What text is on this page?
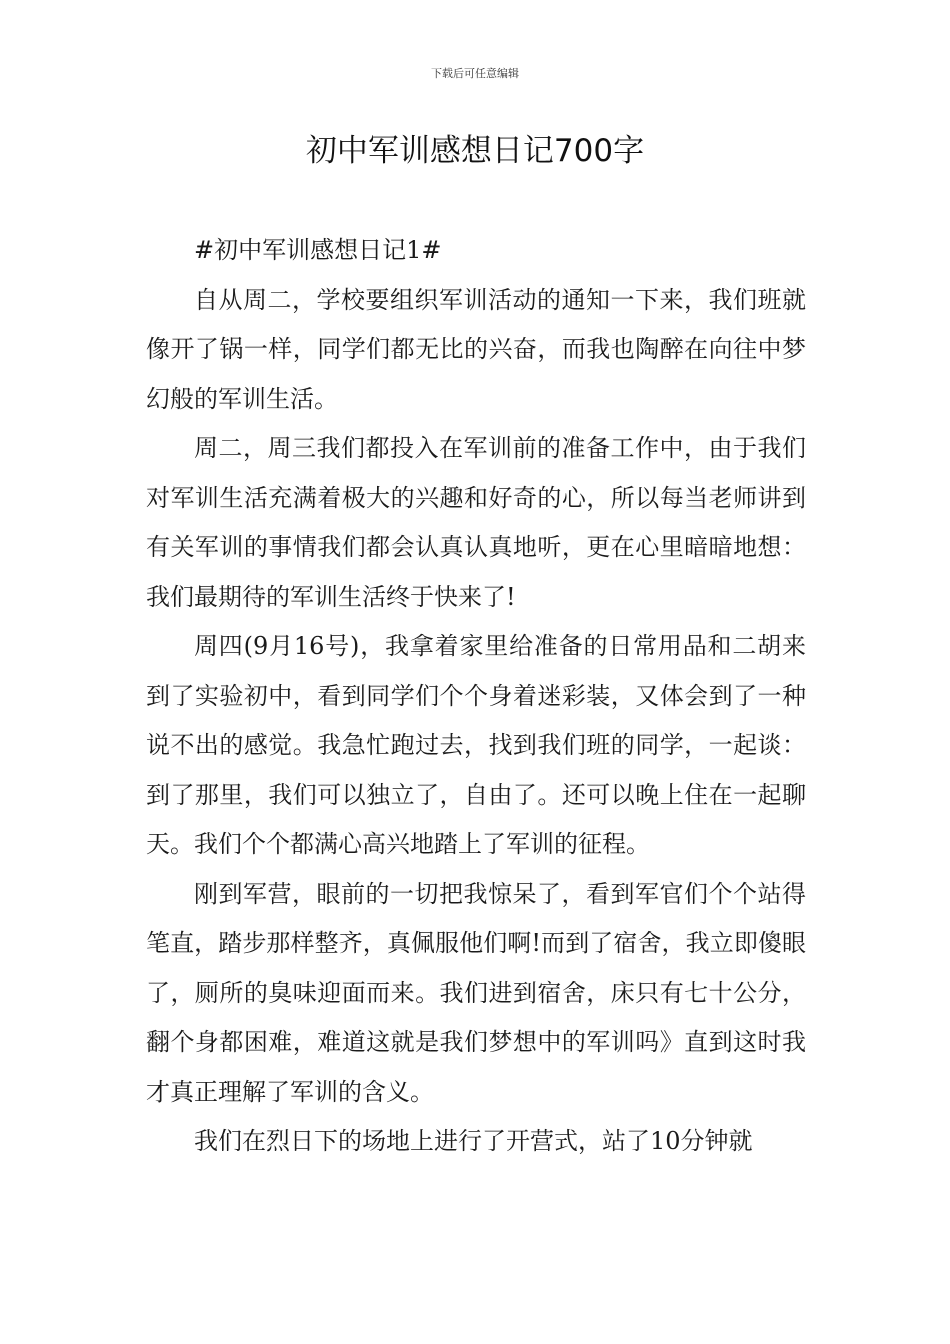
下载后可任意编辑
初中军训感想日记700字

#初中军训感想日记1#

自从周二，学校要组织军训活动的通知一下来，我们班就像开了锅一样，同学们都无比的兴奋，而我也陶醉在向往中梦幻般的军训生活。

周二，周三我们都投入在军训前的准备工作中，由于我们对军训生活充满着极大的兴趣和好奇的心，所以每当老师讲到有关军训的事情我们都会认真认真地听，更在心里暗暗地想：我们最期待的军训生活终于快来了!

周四(9月16号)，我拿着家里给准备的日常用品和二胡来到了实验初中，看到同学们个个身着迷彩装，又体会到了一种说不出的感觉。我急忙跑过去，找到我们班的同学，一起谈：到了那里，我们可以独立了，自由了。还可以晚上住在一起聊天。我们个个都满心高兴地踏上了军训的征程。

刚到军营，眼前的一切把我惊呆了，看到军官们个个站得笔直，踏步那样整齐，真佩服他们啊!而到了宿舍，我立即傻眼了，厕所的臭味迎面而来。我们进到宿舍，床只有七十公分，翻个身都困难，难道这就是我们梦想中的军训吗》直到这时我才真正理解了军训的含义。

我们在烈日下的场地上进行了开营式，站了10分钟就
